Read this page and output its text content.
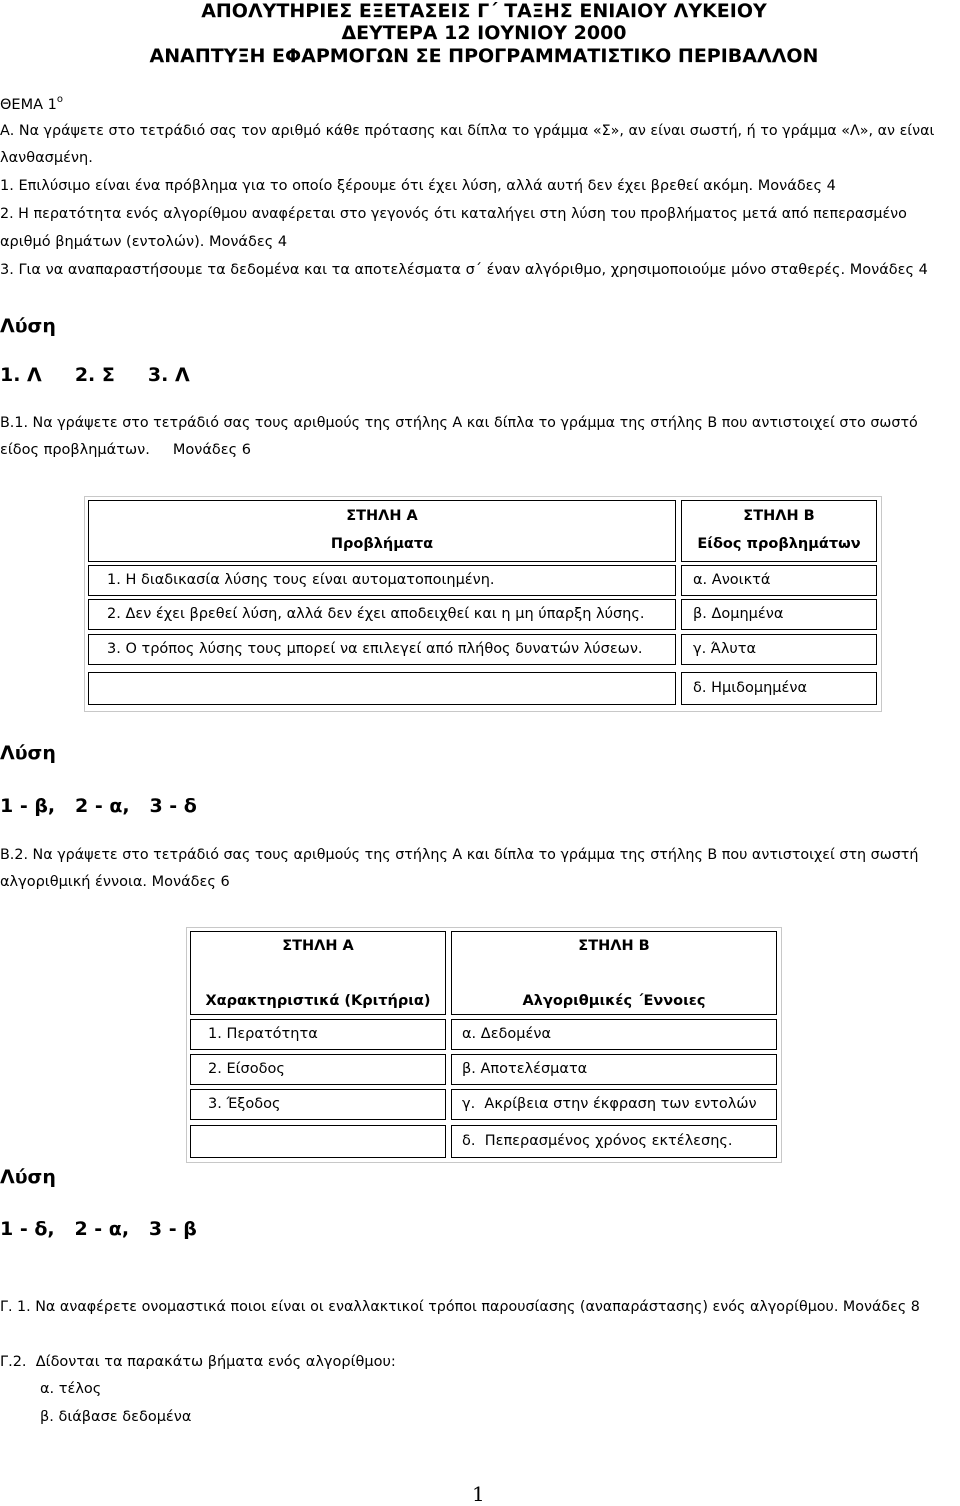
ΑΠΟΛΥΤΗΡΙΕΣ ΕΞΕΤΑΣΕΙΣ Γ΄ ΤΑΞΗΣ ΕΝΙΑΙΟΥ ΛΥΚΕΙΟΥ
ΔΕΥΤΕΡΑ 12 ΙΟΥΝΙΟΥ 2000
ΑΝΑΠΤΥΞΗ ΕΦΑΡΜΟΓΩΝ ΣΕ ΠΡΟΓΡΑΜΜΑΤΙΣΤΙΚΟ ΠΕΡΙΒΑΛΛΟΝ
ΘΕΜΑ $1^o$
Α. Να γράψετε στο τετράδιό σας τον αριθμό κάθε πρότασης και δίπλα το γράμμα «Σ», αν είναι σωστή, ή το γράμμα «Λ», αν είναι
λανθασμένη.
1. Επιλύσιμο είναι ένα πρόβλημα για το οποίο ξέρουμε ότι έχει λύση, αλλά αυτή δεν έχει βρεθεί ακόμη. Μονάδες 4
2. Η περατότητα ενός αλγορίθμου αναφέρεται στο γεγονός ότι καταλήγει στη λύση του προβλήματος μετά από πεπερασμένο
αριθμό βημάτων (εντολών). Μονάδες 4
3. Για να αναπαραστήσουμε τα δεδομένα και τα αποτελέσματα σ΄ έναν αλγόριθμο, χρησιμοποιούμε μόνο σταθερές. Μονάδες 4
Λύση
1. Λ     2. Σ     3. Λ
Β.1. Να γράψετε στο τετράδιό σας τους αριθμούς της στήλης Α και δίπλα το γράμμα της στήλης Β που αντιστοιχεί στο σωστό
είδος προβλημάτων.     Μονάδες 6
ΣΤΗΛΗ Α
Προβλήματα
ΣΤΗΛΗ Β
Είδος προβλημάτων
1. Η διαδικασία λύσης τους είναι αυτοματοποιημένη.
2. Δεν έχει βρεθεί λύση, αλλά δεν έχει αποδειχθεί και η μη ύπαρξη λύσης.
3. Ο τρόπος λύσης τους μπορεί να επιλεγεί από πλήθος δυνατών λύσεων.
α. Ανοικτά
β. Δομημένα
γ. Άλυτα
δ. Ημιδομημένα
Λύση
1 - β,   2 - α,   3 - δ
Β.2. Να γράψετε στο τετράδιό σας τους αριθμούς της στήλης Α και δίπλα το γράμμα της στήλης Β που αντιστοιχεί στη σωστή
αλγοριθμική έννοια. Μονάδες 6
ΣΤΗΛΗ Α
Χαρακτηριστικά (Κριτήρια)
ΣΤΗΛΗ Β
Αλγοριθμικές ΄Εννοιες
1. Περατότητα
2. Είσοδος
3. Έξοδος
α. Δεδομένα
β. Αποτελέσματα
γ.  Ακρίβεια στην έκφραση των εντολών
δ.  Πεπερασμένος χρόνος εκτέλεσης.
Λύση
1 - δ,   2 - α,   3 - β
Γ. 1. Να αναφέρετε ονομαστικά ποιοι είναι οι εναλλακτικοί τρόποι παρουσίασης (αναπαράστασης) ενός αλγορίθμου. Μονάδες 8
Γ.2.  Δίδονται τα παρακάτω βήματα ενός αλγορίθμου:
α. τέλος
β. διάβασε δεδομένα
1
